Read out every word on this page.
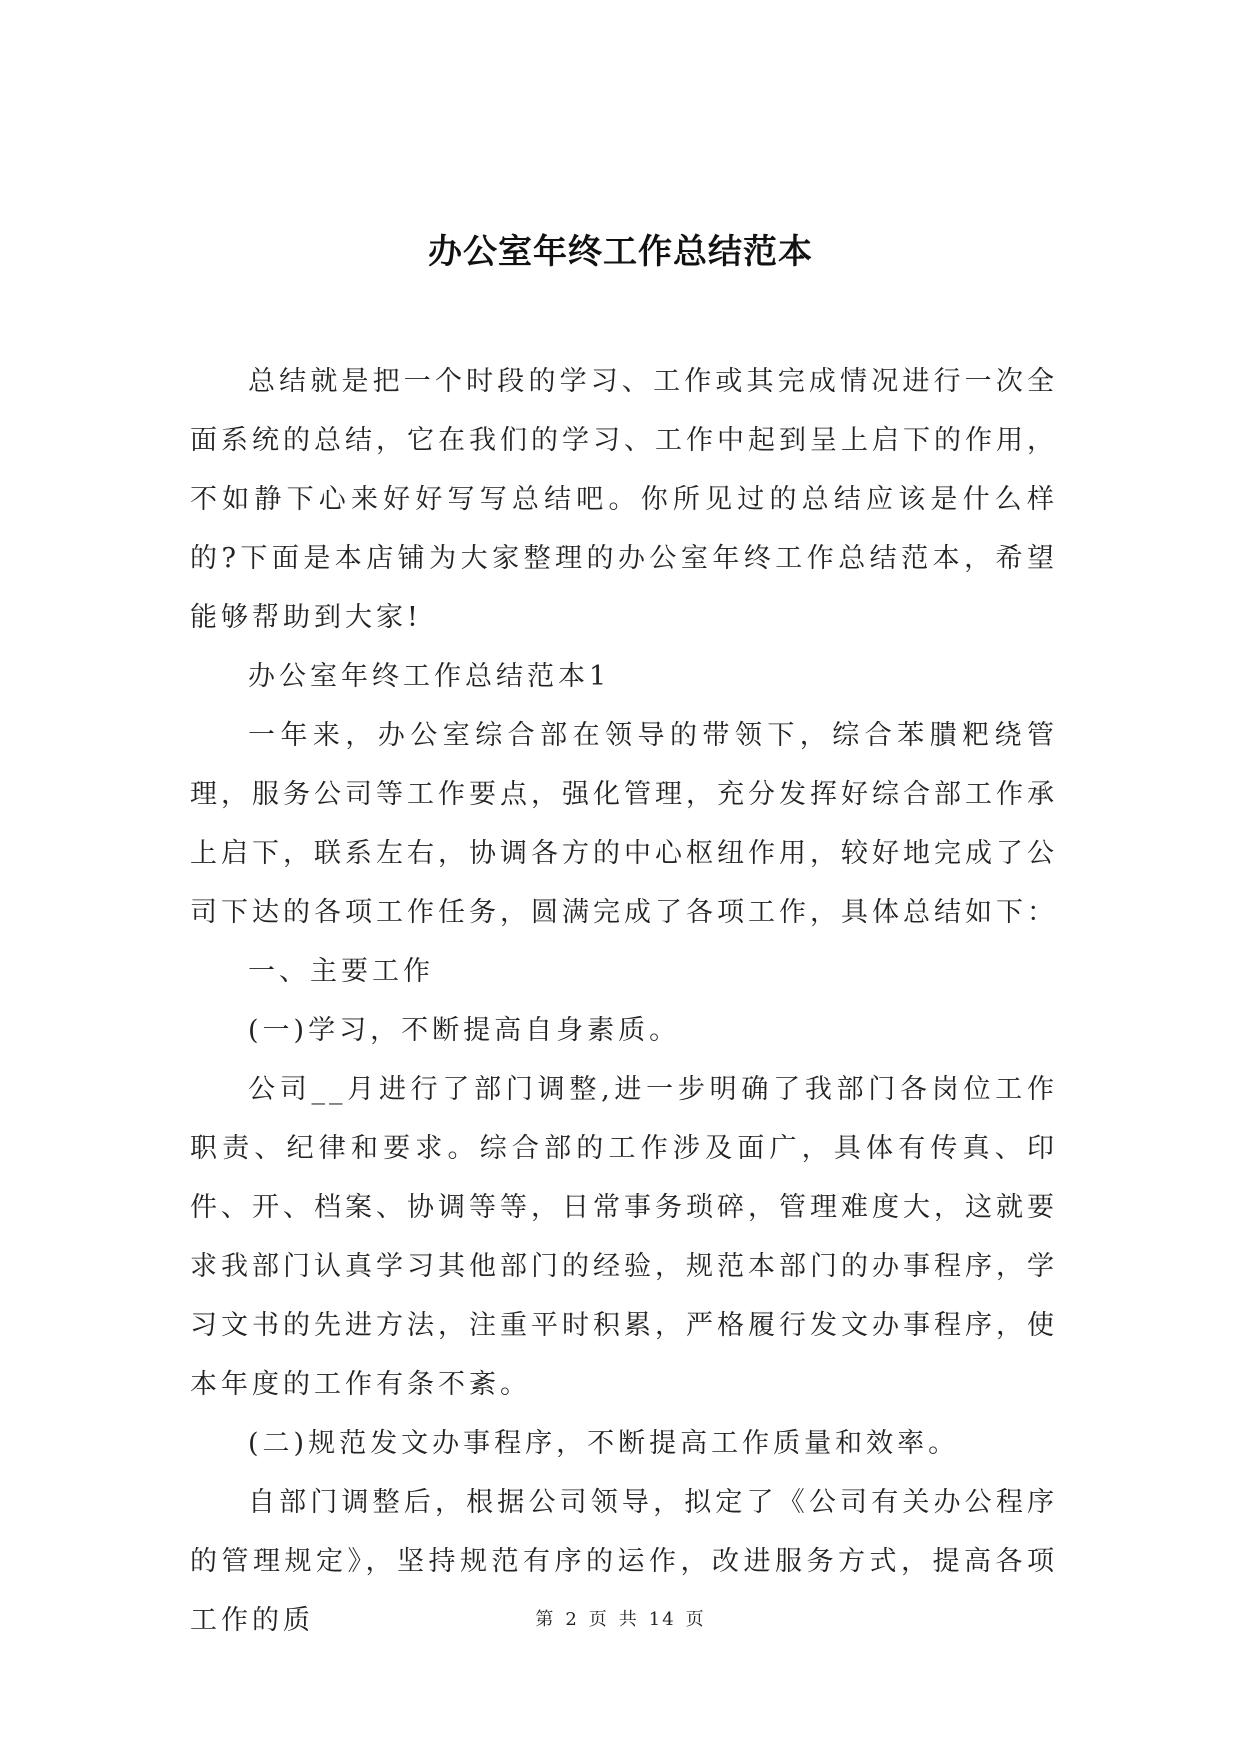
办公室年终工作总结范本

总结就是把一个时段的学习、工作或其完成情况进行一次全面系统的总结，它在我们的学习、工作中起到呈上启下的作用，不如静下心来好好写写总结吧。你所见过的总结应该是什么样的?下面是本店铺为大家整理的办公室年终工作总结范本，希望能够帮助到大家!

办公室年终工作总结范本1

一年来，办公室综合部在领导的带领下，综合苯膭粑绕管理，服务公司等工作要点，强化管理，充分发挥好综合部工作承上启下，联系左右，协调各方的中心枢纽作用，较好地完成了公司下达的各项工作任务，圆满完成了各项工作，具体总结如下：

一、主要工作

(一)学习，不断提高自身素质。

公司__月进行了部门调整,进一步明确了我部门各岗位工作职责、纪律和要求。综合部的工作涉及面广，具体有传真、印件、开、档案、协调等等，日常事务琐碎，管理难度大，这就要求我部门认真学习其他部门的经验，规范本部门的办事程序，学习文书的先进方法，注重平时积累，严格履行发文办事程序，使本年度的工作有条不紊。

(二)规范发文办事程序，不断提高工作质量和效率。

自部门调整后，根据公司领导，拟定了《公司有关办公程序的管理规定》，坚持规范有序的运作，改进服务方式，提高各项工作的质	第 2 页 共 14 页
